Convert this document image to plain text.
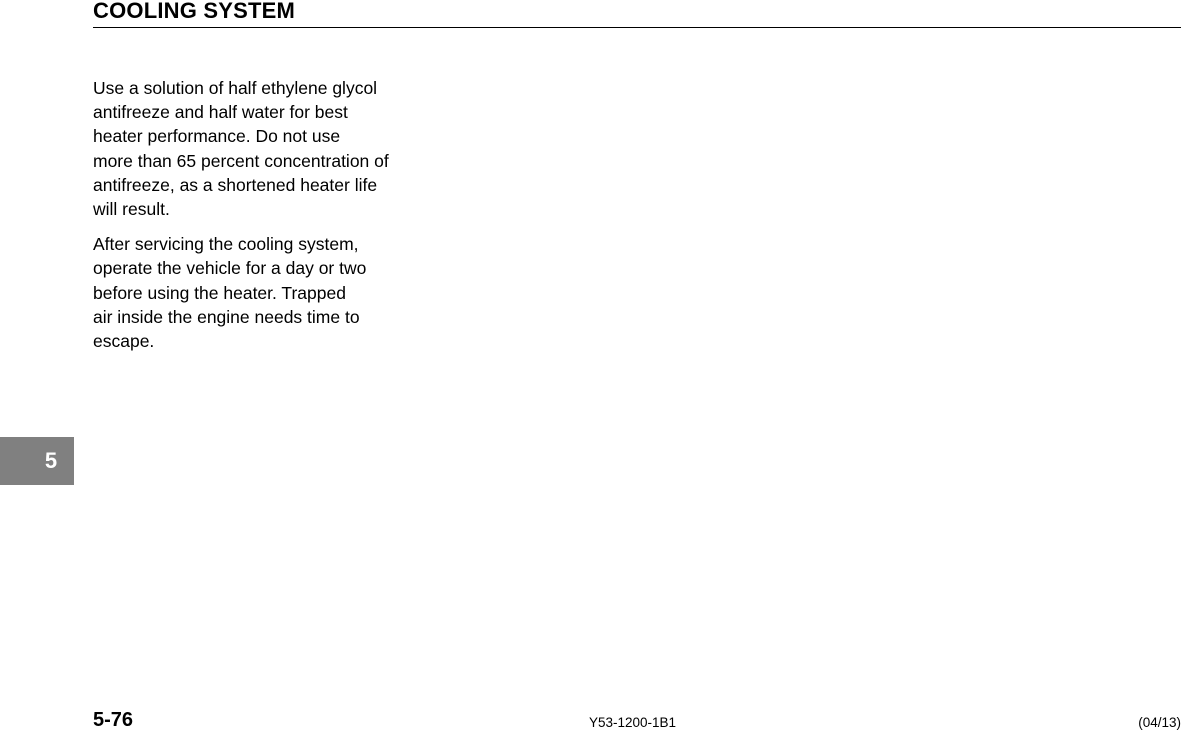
COOLING SYSTEM

Use a solution of half ethylene glycol
antifreeze and half water for best
heater performance. Do not use
more than 65 percent concentration of
antifreeze, as a shortened heater life
will result.

After servicing the cooling system,
operate the vehicle for a day or two
before using the heater. Trapped
air inside the engine needs time to
escape.

5
5-76	Y53-1200-1B1	(04/13)
